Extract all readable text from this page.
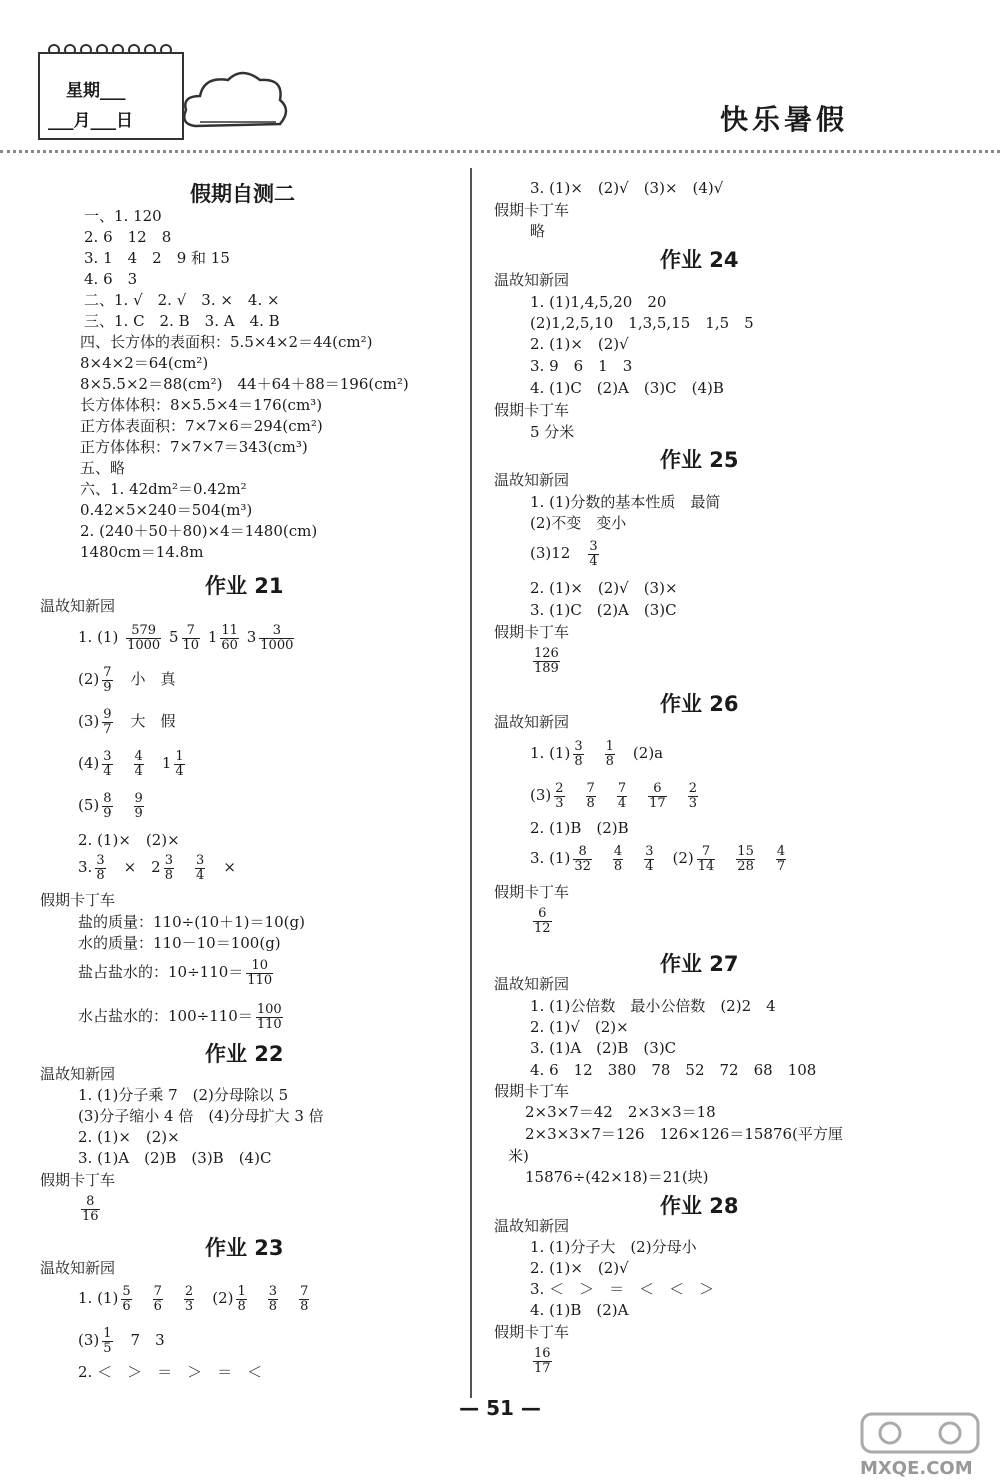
星期___
___月___日	快乐暑假
假期自测二
一、1. 120
2. 6　12　8
3. 1　4　2　9 和 15
4. 6　3
二、1. √　2. √　3. ×　4. ×
三、1. C　2. B　3. A　4. B
四、长方体的表面积：5.5×4×2＝44(cm²)
8×4×2＝64(cm²)
8×5.5×2＝88(cm²)　44＋64＋88＝196(cm²)
长方体体积：8×5.5×4＝176(cm³)
正方体表面积：7×7×6＝294(cm²)
正方体体积：7×7×7＝343(cm³)
五、略
六、1. 42dm²＝0.42m²
0.42×5×240＝504(m³)
2. (240＋50＋80)×4＝1480(cm)
1480cm＝14.8m
作业 21
温故知新园
1. $(1) \frac{579}{1000} 5 \frac{7}{10} 1 \frac{11}{60} 3 \frac{3}{1000}$
$(2) \frac{7}{9}$
　 小　真
$(3) \frac{9}{7}$
　 大　假
$(4) \frac{3}{4}$
　 $\frac{4}{4}$
　 $1 \frac{1}{4}$
$(5) \frac{8}{9}$
　 $\frac{9}{9}$
2. (1)×　(2)×
3. $\frac{3}{8}$
　 ×　$2 \frac{3}{8}$
　 $\frac{3}{4}$
　 ×
假期卡丁车
盐的质量：110÷(10＋1)＝10(g)
水的质量：110－10＝100(g)
盐占盐水的：$10\div 110= \frac{10}{110}$
水占盐水的：$100\div 110= \frac{100}{110}$
作业 22
温故知新园
1. (1)分子乘 7　(2)分母除以 5
(3)分子缩小 4 倍　(4)分母扩大 3 倍
2. (1)×　(2)×
3. (1)A　(2)B　(3)B　(4)C
假期卡丁车
$\frac{8}{16}$
作业 23
温故知新园
1. $(1) \frac{5}{6}$
　 $\frac{7}{6}$
　 $\frac{2}{3}$
　 $(2) \frac{1}{8}$
　 $\frac{3}{8}$
　 $\frac{7}{8}$
$(3) \frac{1}{5}$
　 7　3
2. ＜　＞　＝　＞　＝　＜
3. (1)×　(2)√　(3)×　(4)√
假期卡丁车
略
作业 24
温故知新园
1. (1)1,4,5,20　20
(2)1,2,5,10　1,3,5,15　1,5　5
2. (1)×　(2)√
3. 9　6　1　3
4. (1)C　(2)A　(3)C　(4)B
假期卡丁车
5 分米
作业 25
温故知新园
1. (1)分数的基本性质　最简
(2)不变　变小
(3)12　 $\frac{3}{4}$
2. (1)×　(2)√　(3)×
3. (1)C　(2)A　(3)C
假期卡丁车
$\frac{126}{189}$
作业 26
温故知新园
1. $(1) \frac{3}{8}$
　 $\frac{1}{8}$
　 (2)a
$(3) \frac{2}{3}$
　 $\frac{7}{8}$
　 $\frac{7}{4}$
　 $\frac{6}{17}$
　 $\frac{2}{3}$
2. (1)B　(2)B
3. $(1) \frac{8}{32}$
　 $\frac{4}{8}$
　 $\frac{3}{4}$
　 $(2) \frac{7}{14}$
　 $\frac{15}{28}$
　 $\frac{4}{7}$
假期卡丁车
$\frac{6}{12}$
作业 27
温故知新园
1. (1)公倍数　最小公倍数　(2)2　4
2. (1)√　(2)×
3. (1)A　(2)B　(3)C
4. 6　12　380　78　52　72　68　108
假期卡丁车
2×3×7＝42　2×3×3＝18
2×3×3×7＝126　126×126＝15876(平方厘
米)
15876÷(42×18)＝21(块)
作业 28
温故知新园
1. (1)分子大　(2)分母小
2. (1)×　(2)√
3. ＜　＞　＝　＜　＜　＞
4. (1)B　(2)A
假期卡丁车
$\frac{16}{17}$
— 51 —
MXQE.COM
